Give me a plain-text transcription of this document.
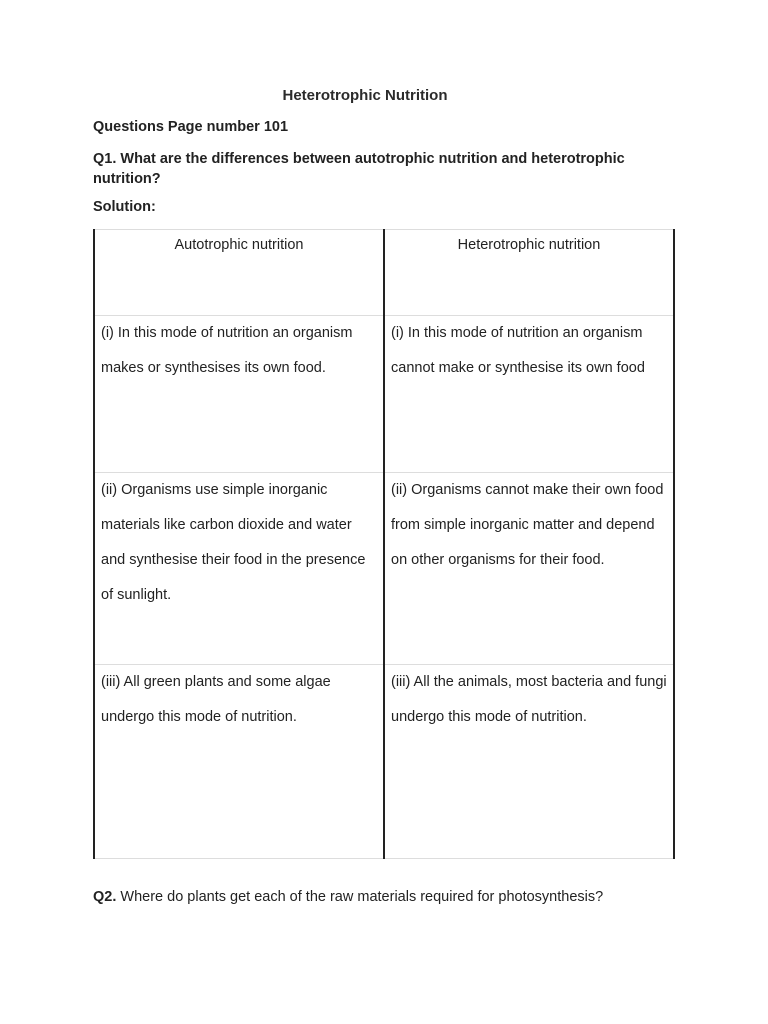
Heterotrophic Nutrition
Questions Page number 101
Q1. What are the differences between autotrophic nutrition and heterotrophic nutrition?
Solution:
Autotrophic nutrition	Heterotrophic nutrition
(i) In this mode of nutrition an organism makes or synthesises its own food.	(i) In this mode of nutrition an organism cannot make or synthesise its own food
(ii) Organisms use simple inorganic materials like carbon dioxide and water and synthesise their food in the presence of sunlight.	(ii) Organisms cannot make their own food from simple inorganic matter and depend on other organisms for their food.
(iii) All green plants and some algae undergo this mode of nutrition.	(iii) All the animals, most bacteria and fungi undergo this mode of nutrition.
Q2. Where do plants get each of the raw materials required for photosynthesis?
